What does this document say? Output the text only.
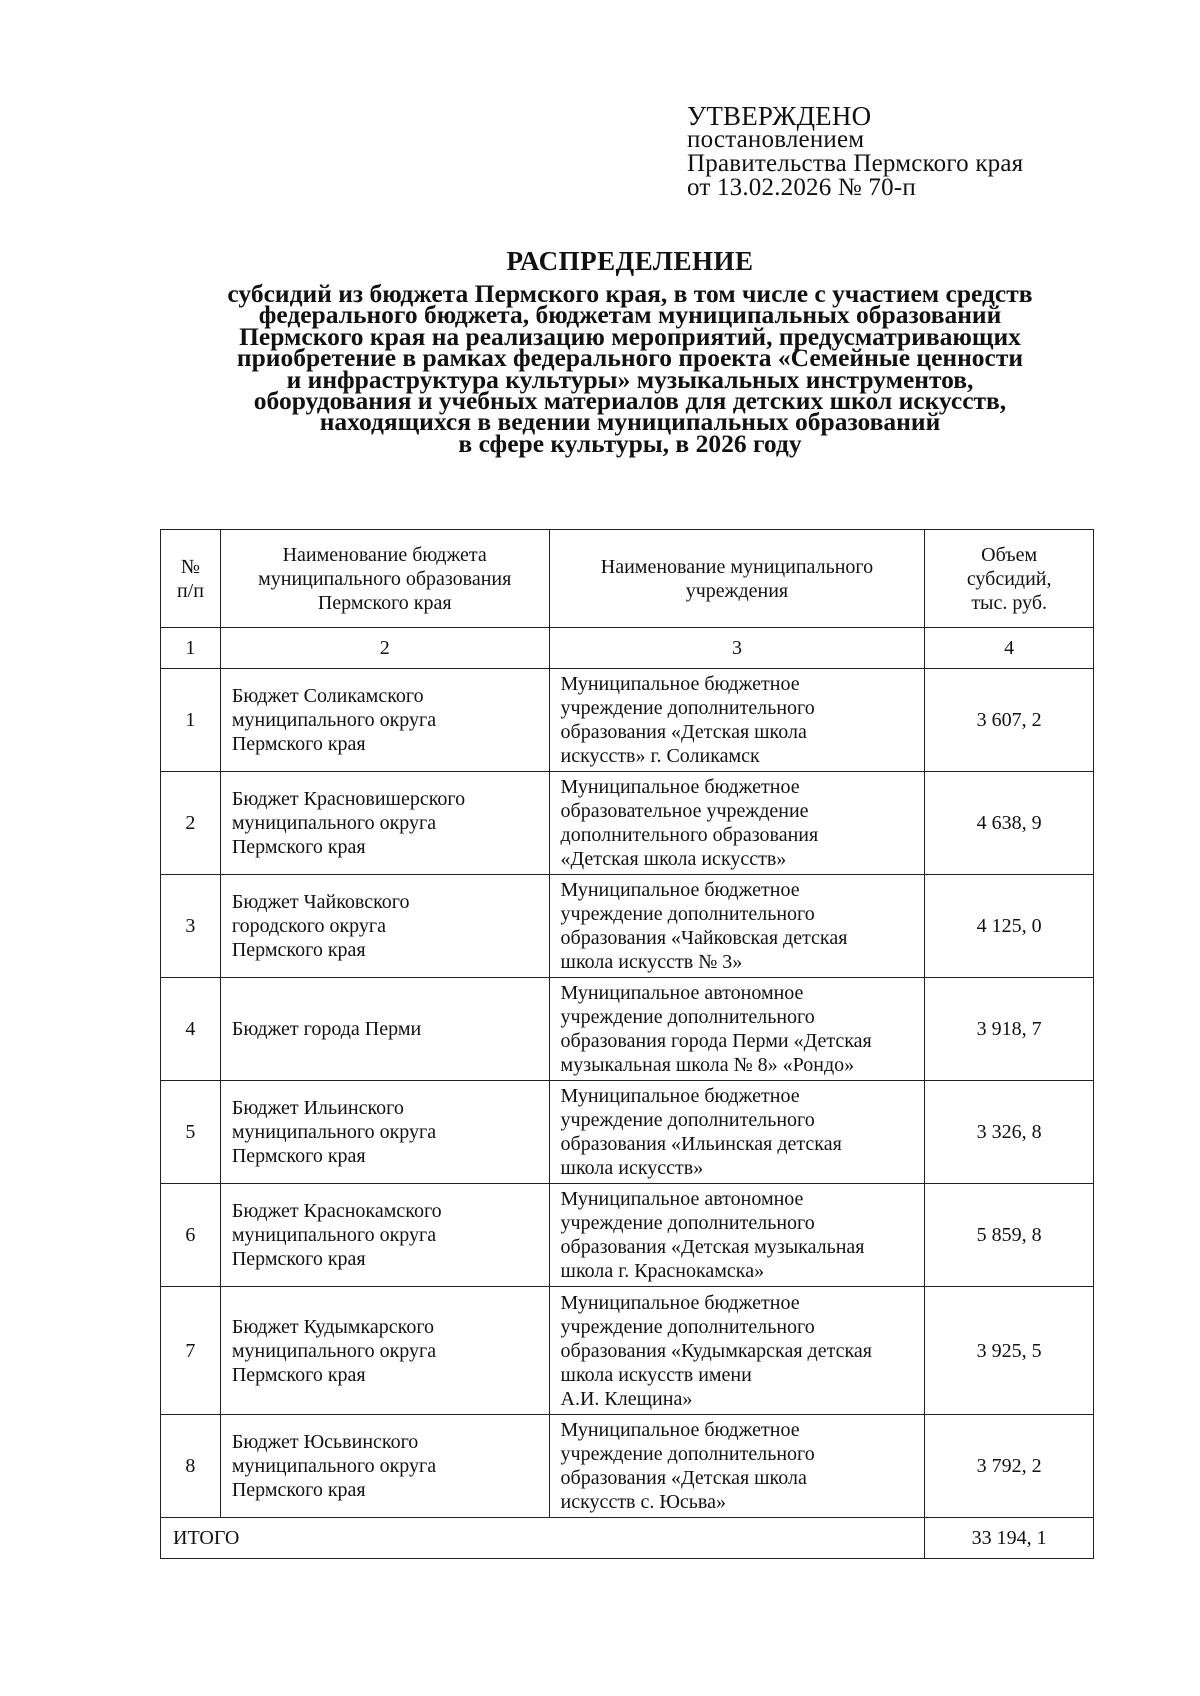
УТВЕРЖДЕНО
постановлением
Правительства Пермского края
от 13.02.2026 № 70-п
РАСПРЕДЕЛЕНИЕ
субсидий из бюджета Пермского края, в том числе с участием средств
федерального бюджета, бюджетам муниципальных образований
Пермского края на реализацию мероприятий, предусматривающих
приобретение в рамках федерального проекта «Семейные ценности
и инфраструктура культуры» музыкальных инструментов,
оборудования и учебных материалов для детских школ искусств,
находящихся в ведении муниципальных образований
в сфере культуры, в 2026 году
№
п/п	Наименование бюджета
муниципального образования
Пермского края	Наименование муниципального
учреждения	Объем
субсидий,
тыс. руб.

1	2	3	4
1	Бюджет Соликамского
муниципального округа
Пермского края	Муниципальное бюджетное
учреждение дополнительного
образования «Детская школа
искусств» г. Соликамск	3 607, 2
2	Бюджет Красновишерского
муниципального округа
Пермского края	Муниципальное бюджетное
образовательное учреждение
дополнительного образования
«Детская школа искусств»	4 638, 9
3	Бюджет Чайковского
городского округа
Пермского края	Муниципальное бюджетное
учреждение дополнительного
образования «Чайковская детская
школа искусств № 3»	4 125, 0
4	Бюджет города Перми	Муниципальное автономное
учреждение дополнительного
образования города Перми «Детская
музыкальная школа № 8» «Рондо»	3 918, 7
5	Бюджет Ильинского
муниципального округа
Пермского края	Муниципальное бюджетное
учреждение дополнительного
образования «Ильинская детская
школа искусств»	3 326, 8
6	Бюджет Краснокамского
муниципального округа
Пермского края	Муниципальное автономное
учреждение дополнительного
образования «Детская музыкальная
школа г. Краснокамска»	5 859, 8
7	Бюджет Кудымкарского
муниципального округа
Пермского края	Муниципальное бюджетное
учреждение дополнительного
образования «Кудымкарская детская
школа искусств имени
А.И. Клещина»	3 925, 5
8	Бюджет Юсьвинского
муниципального округа
Пермского края	Муниципальное бюджетное
учреждение дополнительного
образования «Детская школа
искусств с. Юсьва»	3 792, 2
ИТОГО			33 194, 1
